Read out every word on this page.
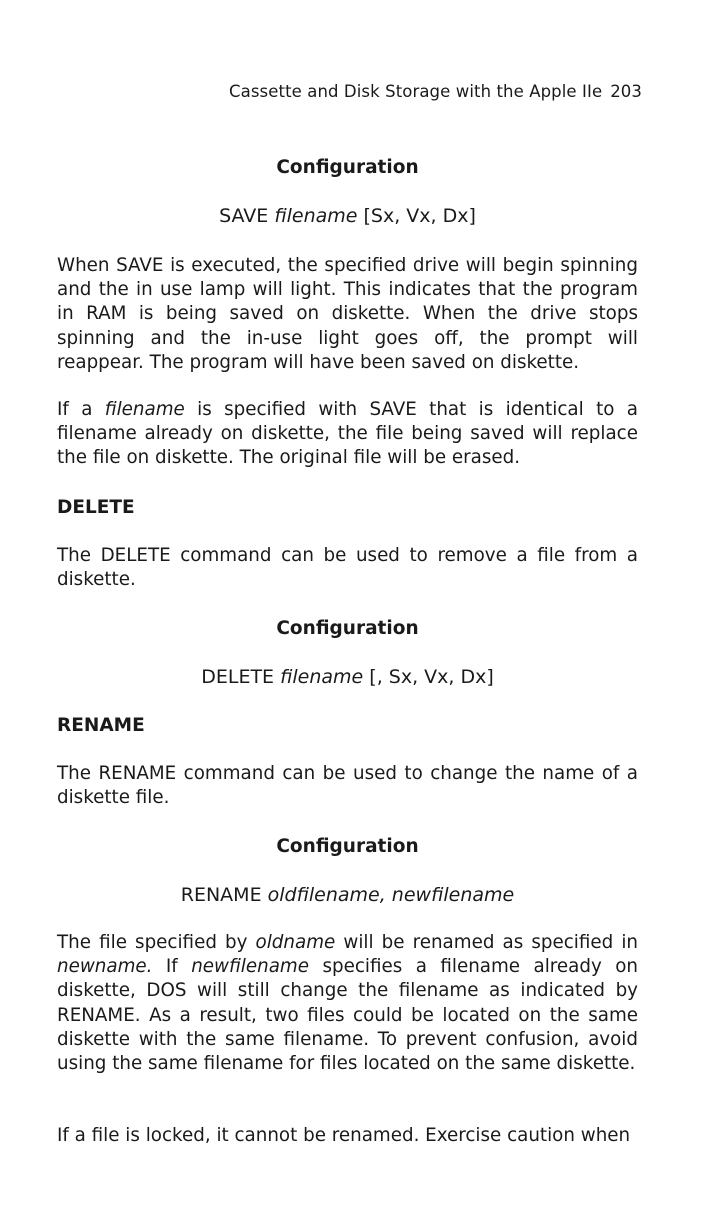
Cassette and Disk Storage with the Apple IIe 203
Configuration
SAVE filename [Sx, Vx, Dx]

When SAVE is executed, the specified drive will begin spinning and the in use lamp will light. This indicates that the program in RAM is being saved on diskette. When the drive stops spinning and the in-use light goes off, the prompt will reappear. The program will have been saved on diskette.

If a filename is specified with SAVE that is identical to a filename already on diskette, the file being saved will replace the file on diskette. The original file will be erased.

DELETE

The DELETE command can be used to remove a file from a diskette.

Configuration
DELETE filename [, Sx, Vx, Dx]
RENAME

The RENAME command can be used to change the name of a diskette file.

Configuration
RENAME oldfilename, newfilename

The file specified by oldname will be renamed as specified in newname. If newfilename specifies a filename already on diskette, DOS will still change the filename as indicated by RENAME. As a result, two files could be located on the same diskette with the same filename. To prevent confusion, avoid using the same filename for files located on the same diskette.

If a file is locked, it cannot be renamed. Exercise caution when
